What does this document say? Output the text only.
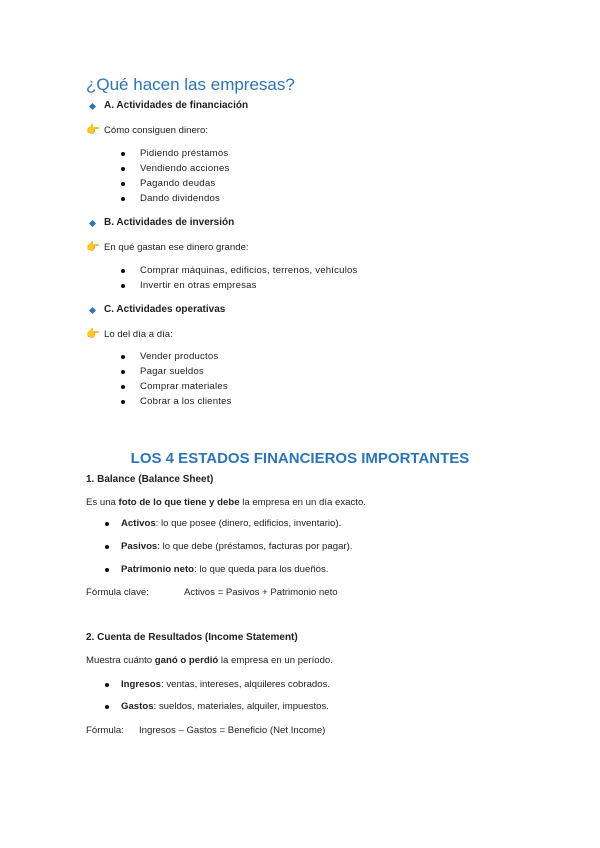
¿Qué hacen las empresas?
A. Actividades de financiación
👉 Cómo consiguen dinero:
Pidiendo préstamos
Vendiendo acciones
Pagando deudas
Dando dividendos
B. Actividades de inversión
👉 En qué gastan ese dinero grande:
Comprar máquinas, edificios, terrenos, vehículos
Invertir en otras empresas
C. Actividades operativas
👉 Lo del día a día:
Vender productos
Pagar sueldos
Comprar materiales
Cobrar a los clientes
LOS 4 ESTADOS FINANCIEROS IMPORTANTES
1. Balance (Balance Sheet)
Es una foto de lo que tiene y debe la empresa en un día exacto.
Activos: lo que posee (dinero, edificios, inventario).
Pasivos: lo que debe (préstamos, facturas por pagar).
Patrimonio neto: lo que queda para los dueños.
Fórmula clave:	Activos = Pasivos + Patrimonio neto
2. Cuenta de Resultados (Income Statement)
Muestra cuánto ganó o perdió la empresa en un período.
Ingresos: ventas, intereses, alquileres cobrados.
Gastos: sueldos, materiales, alquiler, impuestos.
Fórmula: Ingresos – Gastos = Beneficio (Net Income)
